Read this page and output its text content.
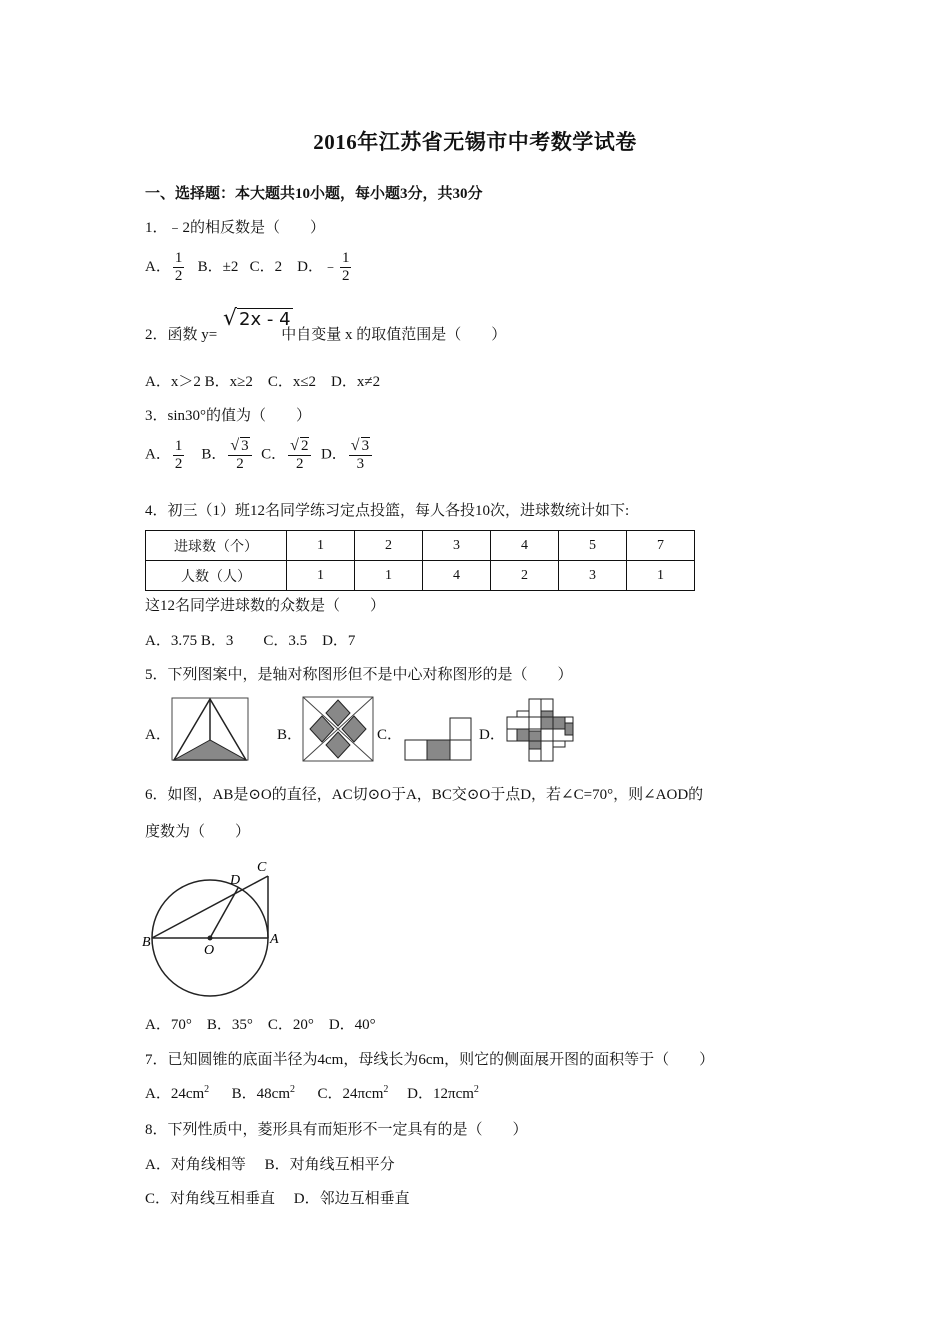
2016年江苏省无锡市中考数学试卷
一、选择题：本大题共10小题，每小题3分，共30分
1．﹣2的相反数是（　　）
A． $\frac{1}{2}$ B．±2 C．2 D．﹣ $\frac{1}{2}$
2．函数 y=	中自变量 x 的取值范围是（　　）
√ 2x - 4
A．x＞2 B．x≥2　C．x≤2　D．x≠2
3．sin30°的值为（　　）
A． $\frac{1}{2}$ B． $\frac{√ 3}{2}$ C． $\frac{√ 2}{2}$ D． $\frac{√ 3}{3}$
4．初三（1）班12名同学练习定点投篮，每人各投10次，进球数统计如下:
进球数（个）	1	2	3	4	5	7
人数（人）	1	1	4	2	3	1
这12名同学进球数的众数是（　　）
A．3.75 B．3　　C．3.5　D．7
5．下列图案中，是轴对称图形但不是中心对称图形的是（　　）
A．	B．	C．	D．
6．如图，AB是⊙O的直径，AC切⊙O于A，BC交⊙O于点D，若∠C=70°，则∠AOD的
度数为（　　）
B
O
A
D
C
A．70°　B．35°　C．20°　D．40°
7．已知圆锥的底面半径为4cm，母线长为6cm，则它的侧面展开图的面积等于（　　）
A．$24cm^2$ B．$48cm^2$ C．24πcm$^2$ D．12πcm$^2$
8．下列性质中，菱形具有而矩形不一定具有的是（　　）
A．对角线相等　 B．对角线互相平分
C．对角线互相垂直　 D．邻边互相垂直
